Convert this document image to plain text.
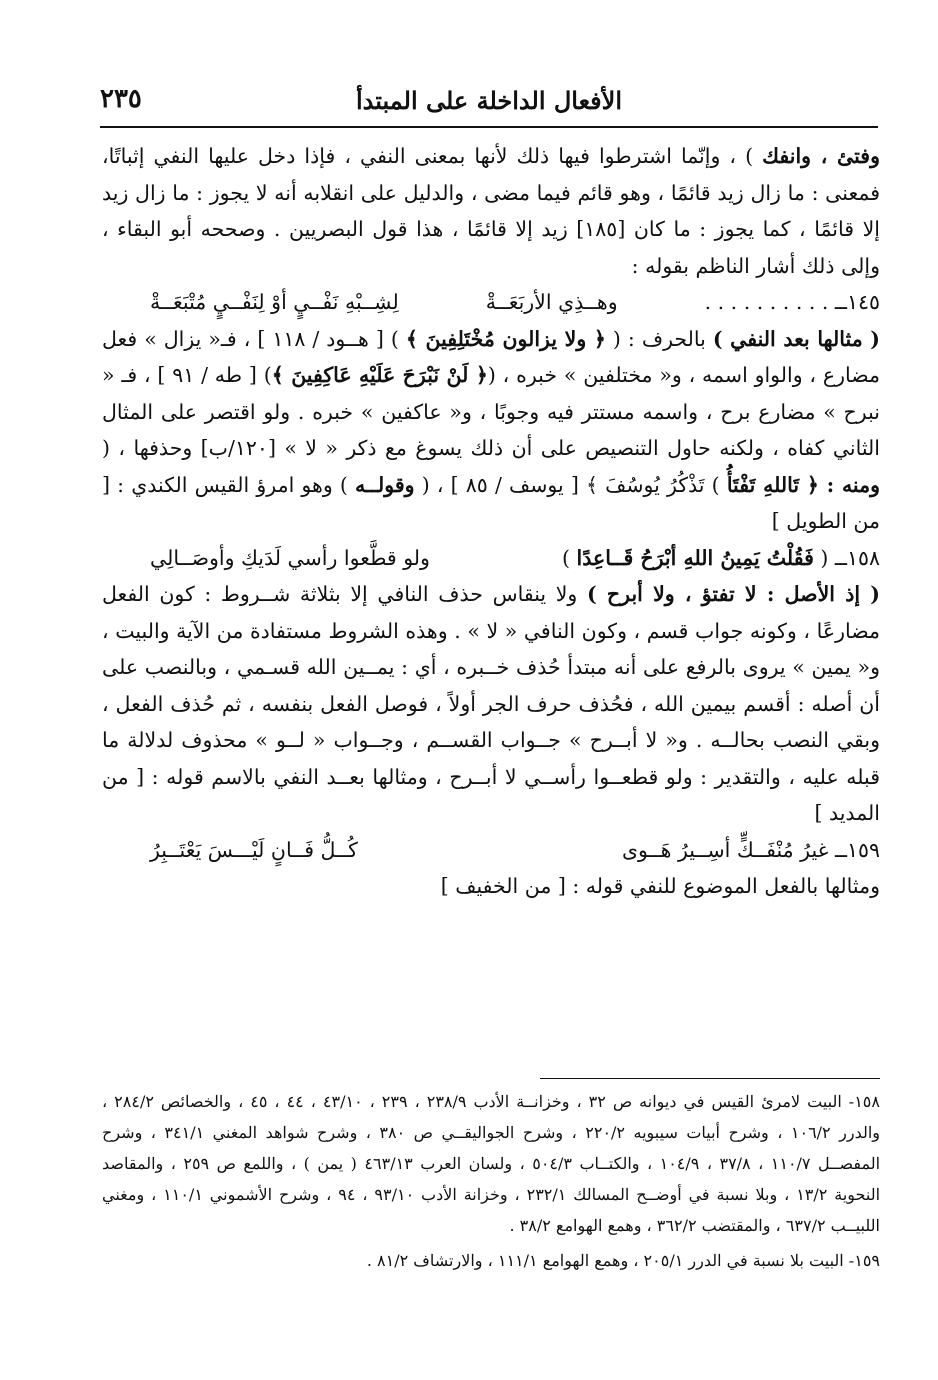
الأفعال الداخلة على المبتدأ
٢٣٥

وفتئ ، وانفك ) ، وإنّما اشترطوا فيها ذلك لأنها بمعنى النفي ، فإذا دخل عليها النفي إثباتًا، فمعنى : ما زال زيد قائمًا ، وهو قائم فيما مضى ، والدليل على انقلابه أنه لا يجوز : ما زال زيد إلا قائمًا ، كما يجوز : ما كان [١٨٥] زيد إلا قائمًا ، هذا قول البصريين . وصححه أبو البقاء ، وإلى ذلك أشار الناظم بقوله :

١٤٥ــ . . . . . . . . . .
وهــذِي الأربَعَــةْ
لِشِــبْهِ نَفْــيٍ أوْ لِنَفْــيٍ مُتْبَعَــةْ

( مثالها بعد النفي ) بالحرف : ( ﴿ ولا يزالون مُخْتَلِفِينَ ﴾ ) [ هــود / ١١٨ ] ، فـ« يزال » فعل مضارع ، والواو اسمه ، و« مختلفين » خبره ، (﴿ لَنْ نَبْرَحَ عَلَيْهِ عَاكِفِينَ ﴾) [ طه / ٩١ ] ، فـ « نبرح » مضارع برح ، واسمه مستتر فيه وجوبًا ، و« عاكفين » خبره . ولو اقتصر على المثال الثاني كفاه ، ولكنه حاول التنصيص على أن ذلك يسوغ مع ذكر « لا » [١٢٠/ب] وحذفها ، ( ومنه : ﴿ تَاللهِ تَفْتَأُ ) تَذْكُرُ يُوسُفَ ﴾ [ يوسف / ٨٥ ] ، ( وقولــه ) وهو امرؤ القيس الكندي : [ من الطويل ]

١٥٨ــ ( فَقُلْتُ يَمِينُ اللهِ أبْرَحُ قَــاعِدًا )
ولو قطَّعوا رأسي لَدَيكِ وأوصَــالِي

( إذ الأصل : لا تفتؤ ، ولا أبرح ) ولا ينقاس حذف النافي إلا بثلاثة شــروط : كون الفعل مضارعًا ، وكونه جواب قسم ، وكون النافي « لا » . وهذه الشروط مستفادة من الآية والبيت ، و« يمين » يروى بالرفع على أنه مبتدأ حُذف خــبره ، أي : يمــين الله قسـمي ، وبالنصب على أن أصله : أقسم بيمين الله ، فحُذف حرف الجر أولاً ، فوصل الفعل بنفسه ، ثم حُذف الفعل ، وبقي النصب بحالــه . و« لا أبــرح » جــواب القســم ، وجــواب « لــو » محذوف لدلالة ما قبله عليه ، والتقدير : ولو قطعــوا رأســي لا أبــرح ، ومثالها بعــد النفي بالاسم قوله : [ من المديد ]

١٥٩ــ غيرُ مُنْفَــكٍّ أسِــيرُ هَــوى
كُــلُّ فَــانٍ لَيْـــسَ يَعْتَــبِرُ

ومثالها بالفعل الموضوع للنفي قوله : [ من الخفيف ]

١٥٨- البيت لامرئ القيس في ديوانه ص ٣٢ ، وخزانــة الأدب ٢٣٨/٩ ، ٢٣٩ ، ٤٣/١٠ ، ٤٤ ، ٤٥ ، والخصائص ٢٨٤/٢ ، والدرر ١٠٦/٢ ، وشرح أبيات سيبويه ٢٢٠/٢ ، وشرح الجواليقــي ص ٣٨٠ ، وشرح شواهد المغني ٣٤١/١ ، وشرح المفصــل ١١٠/٧ ، ٣٧/٨ ، ١٠٤/٩ ، والكتــاب ٥٠٤/٣ ، ولسان العرب ٤٦٣/١٣ ( يمن ) ، واللمع ص ٢٥٩ ، والمقاصد النحوية ١٣/٢ ، وبلا نسبة في أوضــح المسالك ٢٣٢/١ ، وخزانة الأدب ٩٣/١٠ ، ٩٤ ، وشرح الأشموني ١١٠/١ ، ومغني اللبيــب ٦٣٧/٢ ، والمقتضب ٣٦٢/٢ ، وهمع الهوامع ٣٨/٢ .

١٥٩- البيت بلا نسبة في الدرر ٢٠٥/١ ، وهمع الهوامع ١١١/١ ، والارتشاف ٨١/٢ .
